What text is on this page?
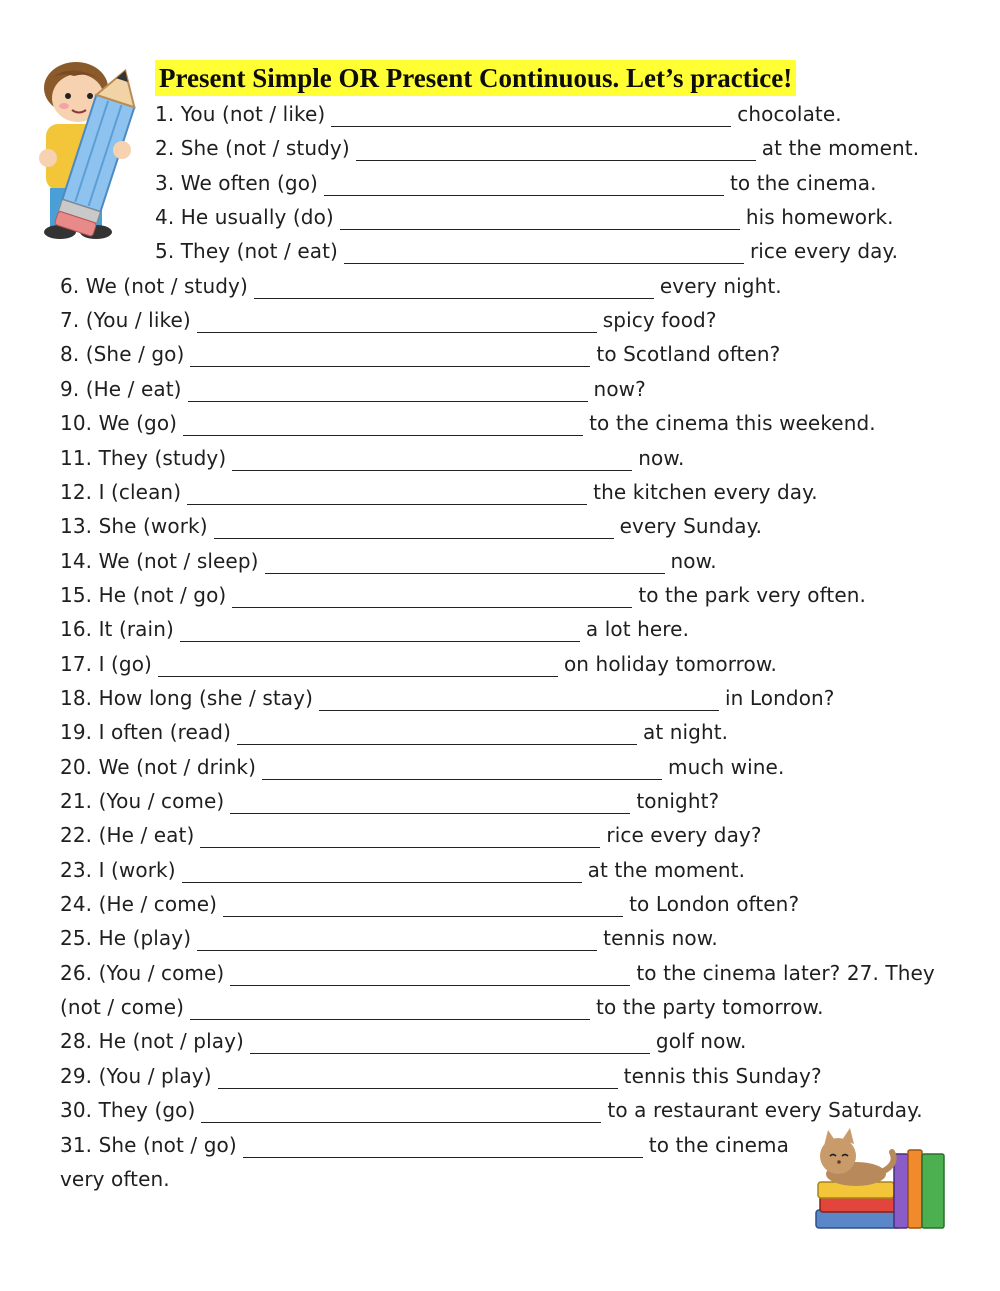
Present Simple OR Present Continuous. Let’s practice!
1. You (not / like)	chocolate.
2. She (not / study)	at the moment.
3. We often (go)	to the cinema.
4. He usually (do)	his homework.
5. They (not / eat)	rice every day.
6. We (not / study)	every night.
7. (You / like)	spicy food?
8. (She / go)	to Scotland often?
9. (He / eat)	now?
10. We (go)	to the cinema this weekend.
11. They (study)	now.
12. I (clean)	the kitchen every day.
13. She (work)	every Sunday.
14. We (not / sleep)	now.
15. He (not / go)	to the park very often.
16. It (rain)	a lot here.
17. I (go)	on holiday tomorrow.
18. How long (she / stay)	in London?
19. I often (read)	at night.
20. We (not / drink)	much wine.
21. (You / come)	tonight?
22. (He / eat)	rice every day?
23. I (work)	at the moment.
24. (He / come)	to London often?
25. He (play)	tennis now.
26. (You / come)	to the cinema later? 27. They
(not / come)	to the party tomorrow.
28. He (not / play)	golf now.
29. (You / play)	tennis this Sunday?
30. They (go)	to a restaurant every Saturday.
31. She (not / go)	to the cinema
very often.
